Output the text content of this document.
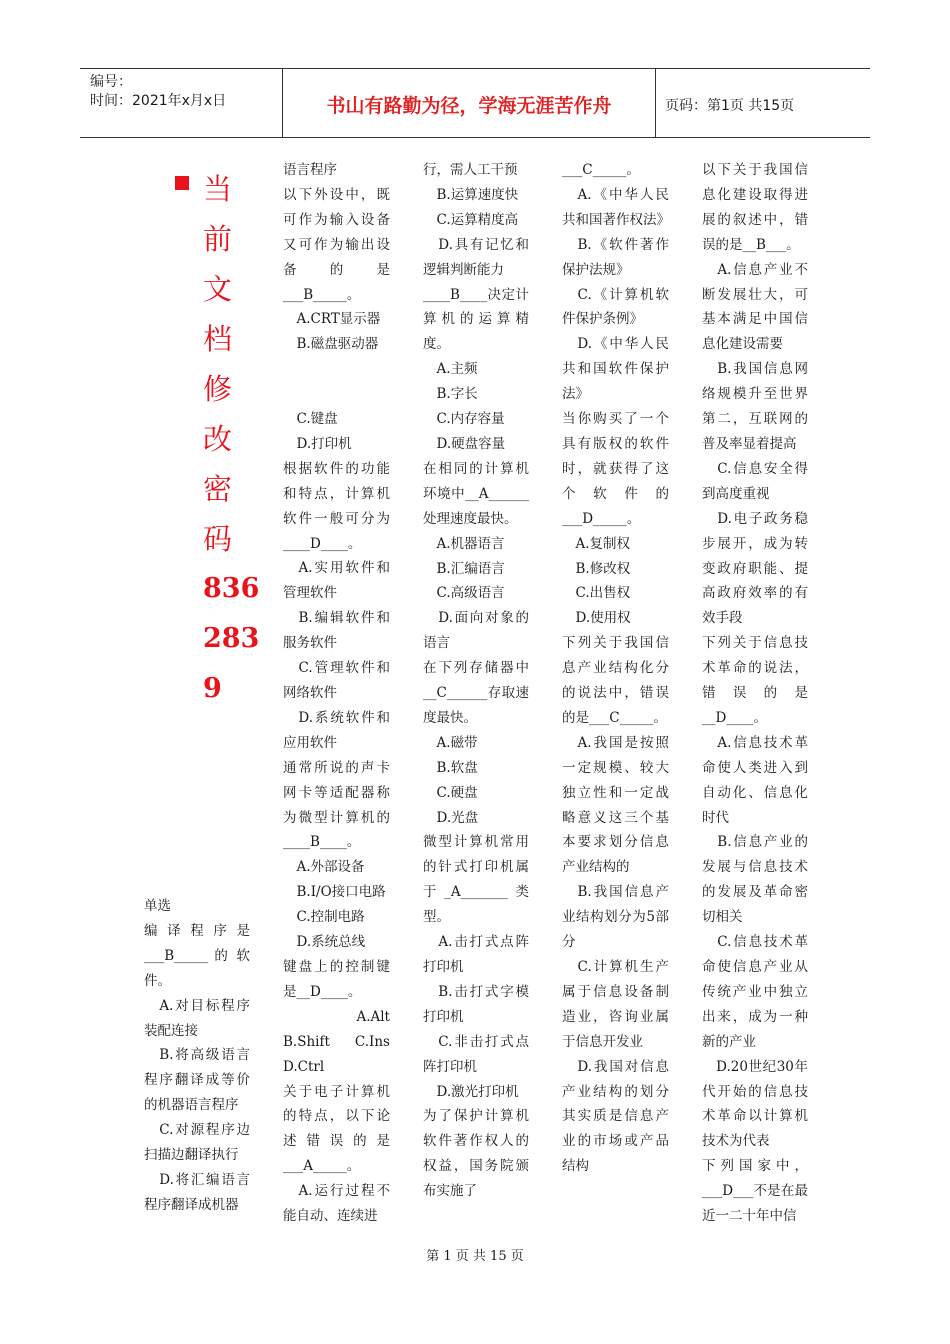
编号：
时间：2021年x月x日	书山有路勤为径，学海无涯苦作舟	页码：第1页 共15页
当
前
文
档
修
改
密
码
836
283
9

单选

编 译 程 序 是 ___B_____ 的 软件。

　A.对目标程序装配连接

　B.将高级语言程序翻译成等价的机器语言程序

　C.对源程序边扫描边翻译执行

　D.将汇编语言程序翻译成机器

语言程序

以下外设中，既可作为输入设备又可作为输出设备的是___B_____。

　A.CRT显示器

　B.磁盘驱动器

　C.键盘

　D.打印机

根据软件的功能和特点，计算机软件一般可分为____D____。

　A.实用软件和管理软件

　B.编辑软件和服务软件

　C.管理软件和网络软件

　D.系统软件和应用软件

通常所说的声卡网卡等适配器称为微型计算机的____B____。

　A.外部设备

　B.I/O接口电路

　C.控制电路

　D.系统总线

键盘上的控制键是__D____。

　A.Alt　B.Shift　C.Ins　D.Ctrl

关于电子计算机的特点，以下论述错误的是___A_____。

　A.运行过程不能自动、连续进

行，需人工干预

　B.运算速度快

　C.运算精度高

　D.具有记忆和逻辑判断能力

____B____决定计算机的运算精度。

　A.主频

　B.字长

　C.内存容量

　D.硬盘容量

在相同的计算机环境中__A______处理速度最快。

　A.机器语言

　B.汇编语言

　C.高级语言

　D.面向对象的语言

在下列存储器中__C______存取速度最快。

　A.磁带

　B.软盘

　C.硬盘

　D.光盘

微型计算机常用的针式打印机属于_A_______类型。

　A.击打式点阵打印机

　B.击打式字模打印机

　C.非击打式点阵打印机

　D.激光打印机

为了保护计算机软件著作权人的权益，国务院颁布实施了

___C_____。

　A.《中华人民共和国著作权法》

　B.《软件著作保护法规》

　C.《计算机软件保护条例》

　D.《中华人民共和国软件保护法》

当你购买了一个具有版权的软件时，就获得了这个软件的___D_____。

　A.复制权

　B.修改权

　C.出售权

　D.使用权

下列关于我国信息产业结构化分的说法中，错误的是___C_____。

　A.我国是按照一定规模、较大独立性和一定战略意义这三个基本要求划分信息产业结构的

　B.我国信息产业结构划分为5部分

　C.计算机生产属于信息设备制造业，咨询业属于信息开发业

　D.我国对信息产业结构的划分其实质是信息产业的市场或产品结构

以下关于我国信息化建设取得进展的叙述中，错误的是__B___。

　A.信息产业不断发展壮大，可基本满足中国信息化建设需要

　B.我国信息网络规模升至世界第二，互联网的普及率显着提高

　C.信息安全得到高度重视

　D.电子政务稳步展开，成为转变政府职能、提高政府效率的有效手段

下列关于信息技术革命的说法，错误的是__D____。

　A.信息技术革命使人类进入到自动化、信息化时代

　B.信息产业的发展与信息技术的发展及革命密切相关

　C.信息技术革命使信息产业从传统产业中独立出来，成为一种新的产业

　D.20世纪30年代开始的信息技术革命以计算机技术为代表

下列国家中，___D___不是在最近一二十年中信

第 1 页 共 15 页
